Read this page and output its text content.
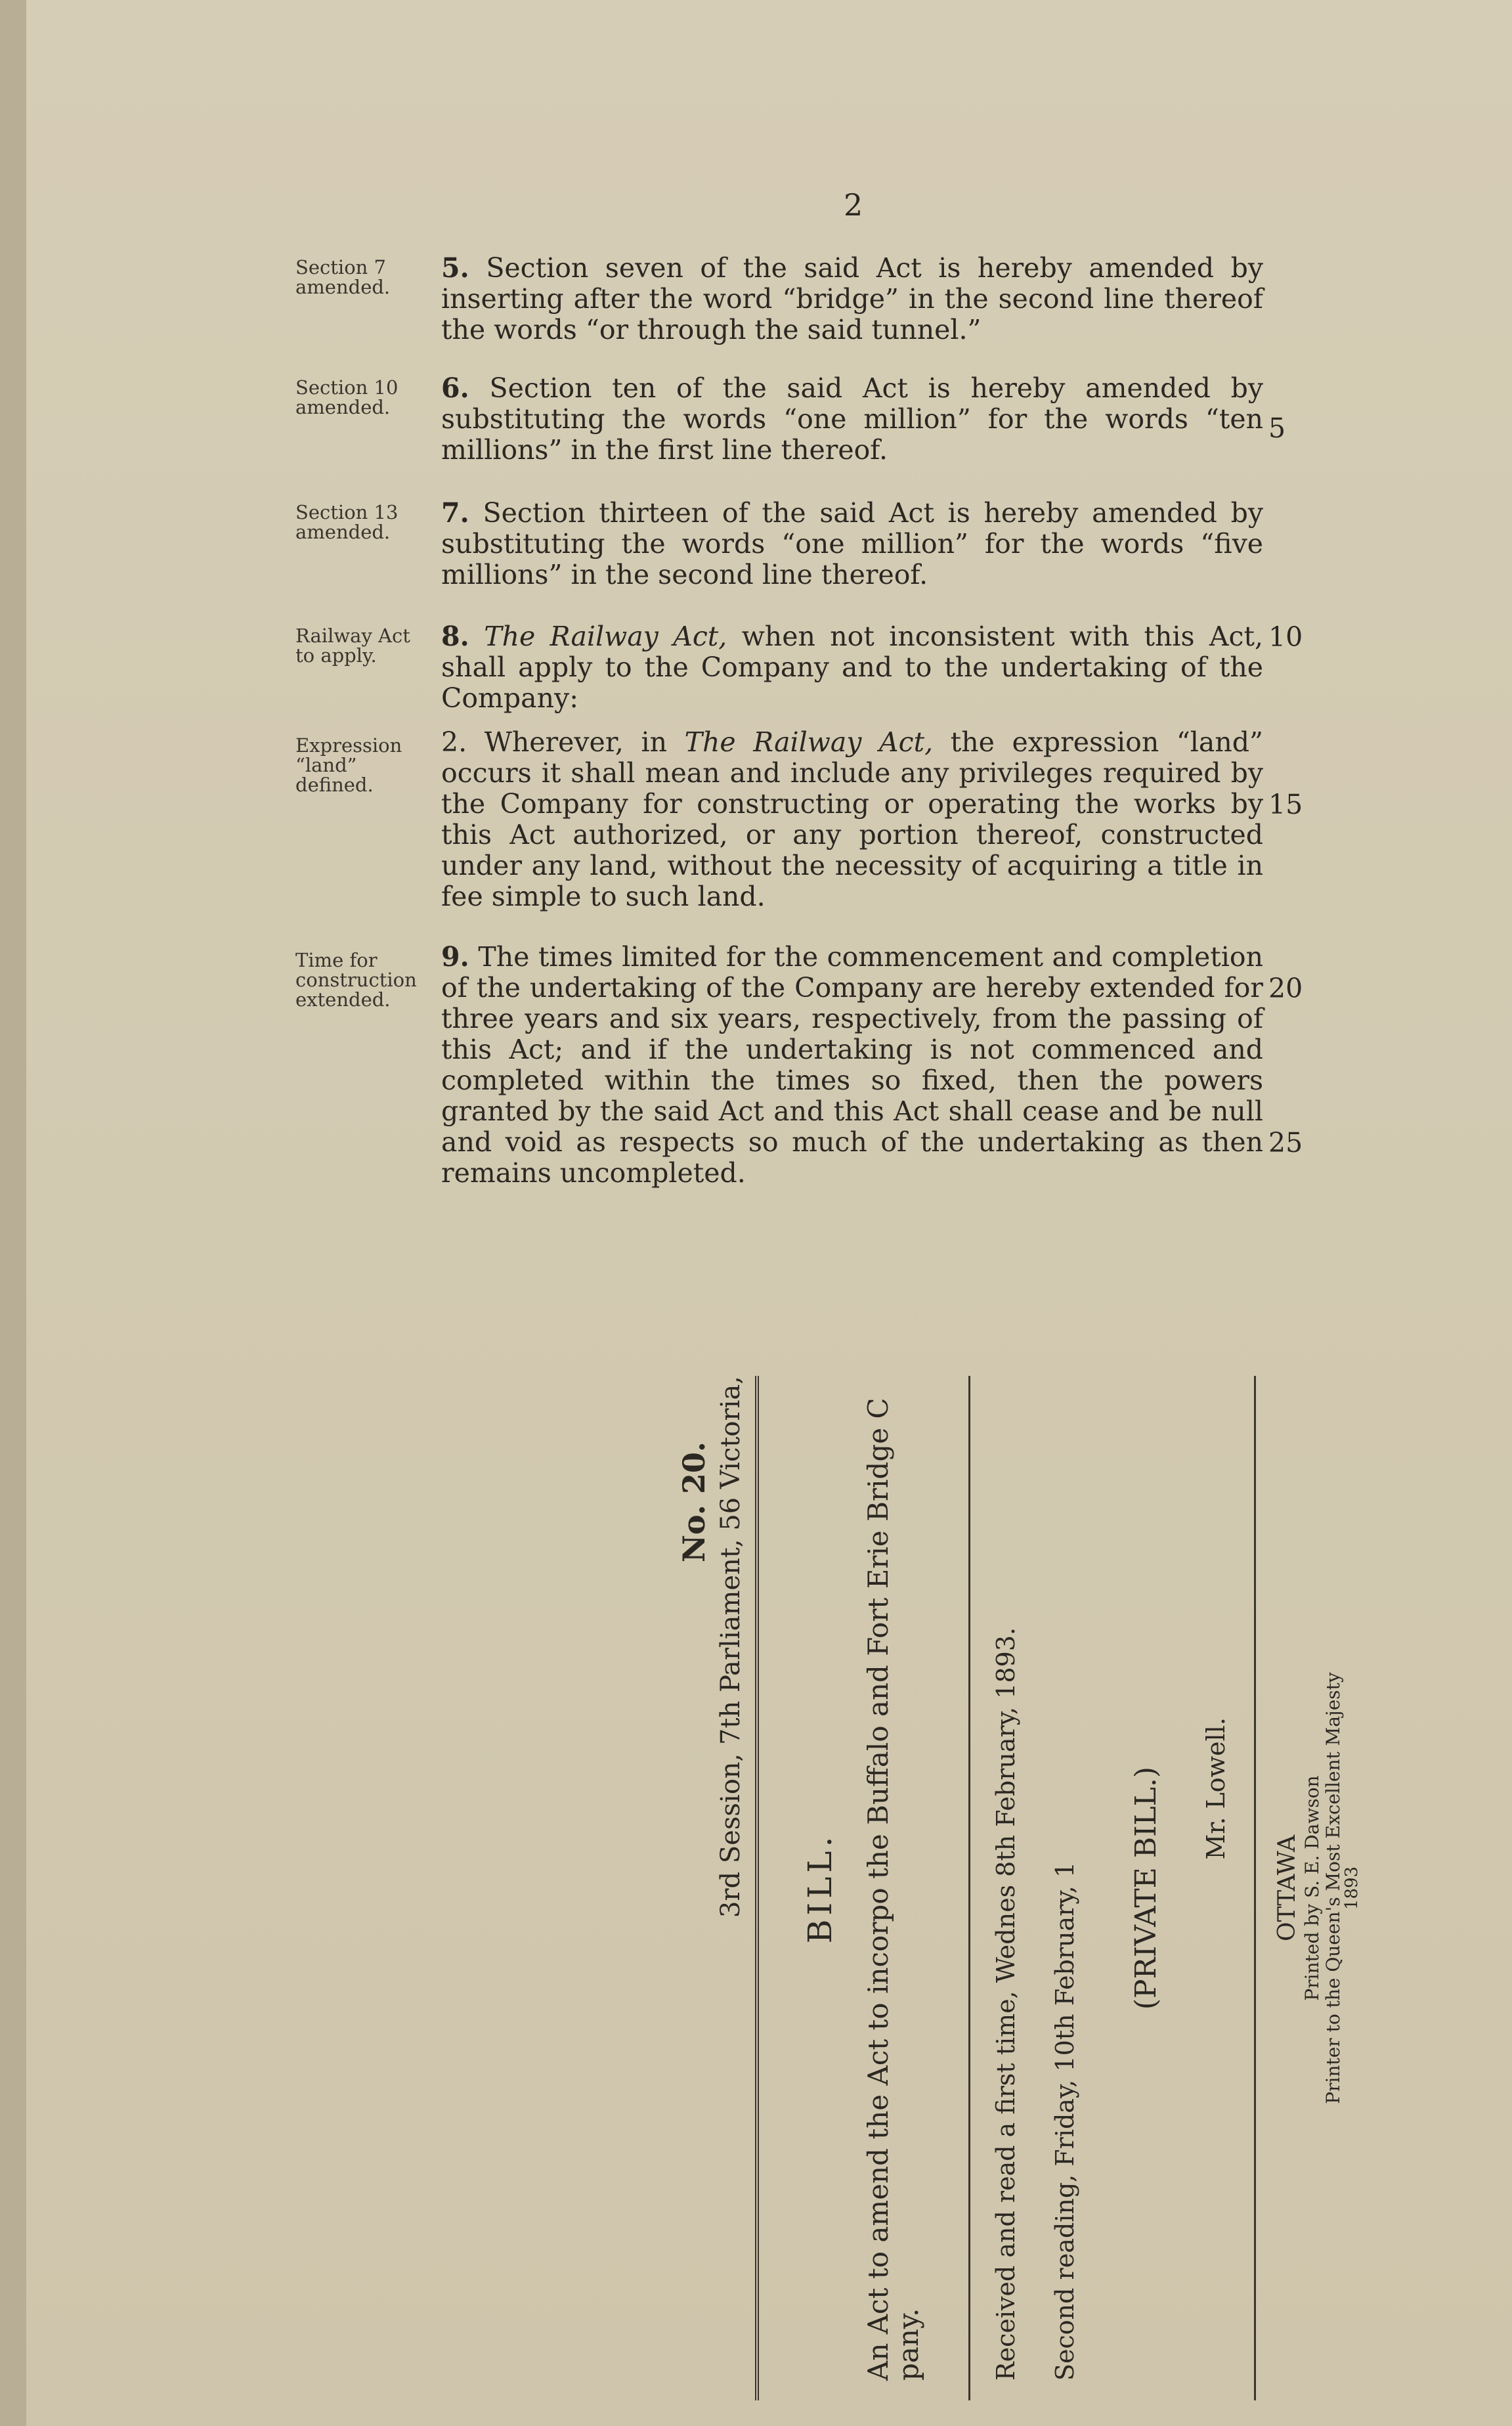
2
Section 7 amended.

5. Section seven of the said Act is hereby amended by inserting after the word “bridge” in the second line thereof the words “or through the said tunnel.”

Section 10 amended.

6. Section ten of the said Act is hereby amended by substituting the words “one million” for the words “ten millions” in the first line thereof.

5
Section 13 amended.

7. Section thirteen of the said Act is hereby amended by substituting the words “one million” for the words “five millions” in the second line thereof.

Railway Act to apply.

8. The Railway Act, when not inconsistent with this Act, shall apply to the Company and to the undertaking of the Company:

10
Expression “land” defined.

2. Wherever, in The Railway Act, the expression “land” occurs it shall mean and include any privileges required by the Company for constructing or operating the works by this Act authorized, or any portion thereof, constructed under any land, without the necessity of acquiring a title in fee simple to such land.

15
Time for construction extended.

9. The times limited for the commencement and completion of the undertaking of the Company are hereby extended for three years and six years, respectively, from the passing of this Act; and if the undertaking is not commenced and completed within the times so fixed, then the powers granted by the said Act and this Act shall cease and be null and void as respects so much of the undertaking as then remains uncompleted.

20
25
No. 20. 3rd Session, 7th Parliament, 56 Victoria, BILL. An Act to amend the Act to incorpo the Buffalo and Fort Erie Bridge C pany.	Received and read a first time, Wednes 8th February, 1893. Second reading, Friday, 10th February, 1 (PRIVATE BILL.) Mr. Lowell.
OTTAWA Printed by S. E. Dawson Printer to the Queen's Most Excellent Majesty
1893
